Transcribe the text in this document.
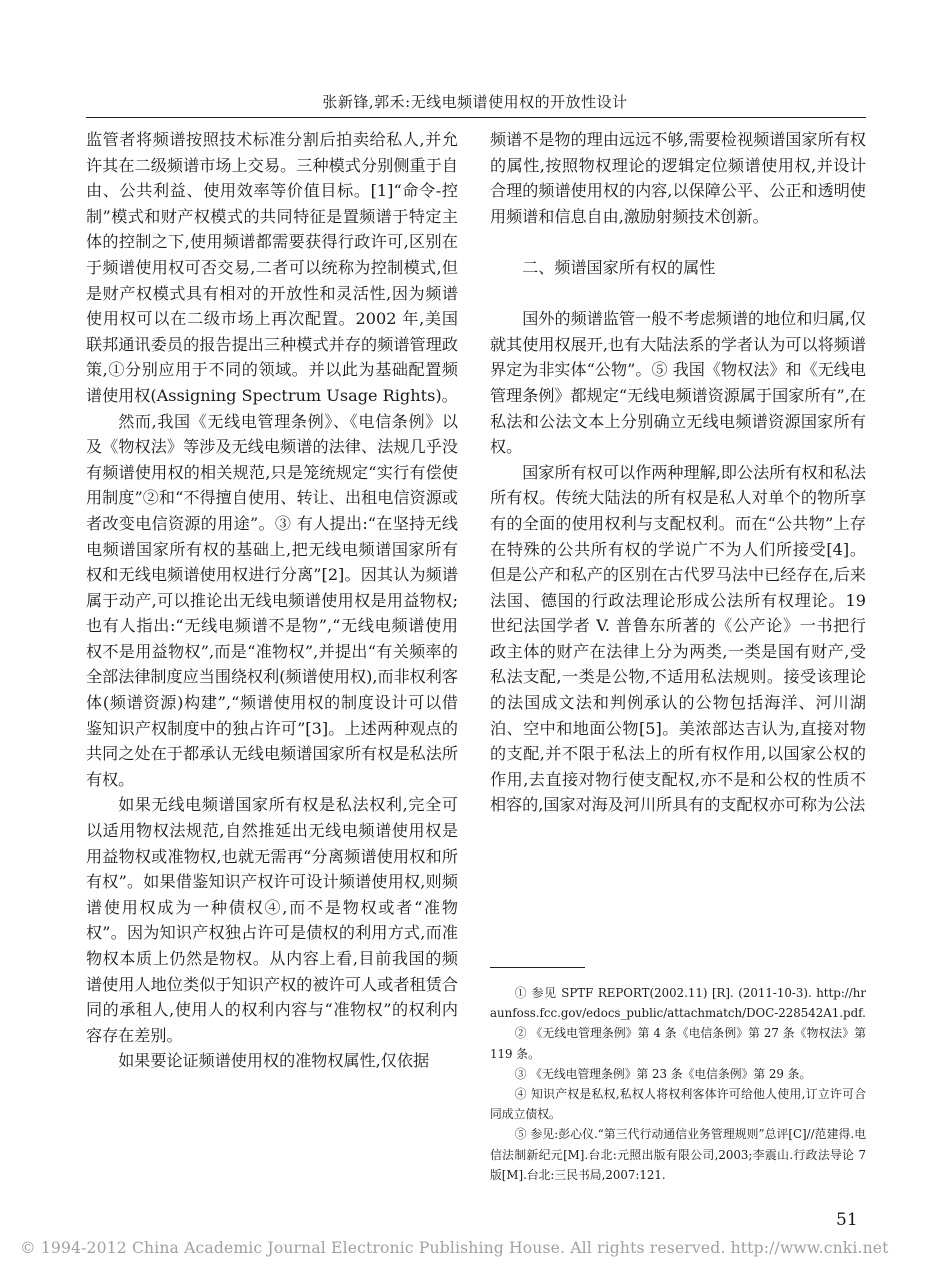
张新锋,郭禾:无线电频谱使用权的开放性设计

监管者将频谱按照技术标准分割后拍卖给私人,并允许其在二级频谱市场上交易。三种模式分别侧重于自由、公共利益、使用效率等价值目标。[1]“命令-控制”模式和财产权模式的共同特征是置频谱于特定主体的控制之下,使用频谱都需要获得行政许可,区别在于频谱使用权可否交易,二者可以统称为控制模式,但是财产权模式具有相对的开放性和灵活性,因为频谱使用权可以在二级市场上再次配置。2002 年,美国联邦通讯委员的报告提出三种模式并存的频谱管理政策,①分别应用于不同的领域。并以此为基础配置频谱使用权(Assigning Spectrum Usage Rights)。

然而,我国《无线电管理条例》、《电信条例》以及《物权法》等涉及无线电频谱的法律、法规几乎没有频谱使用权的相关规范,只是笼统规定“实行有偿使用制度”②和“不得擅自使用、转让、出租电信资源或者改变电信资源的用途”。③ 有人提出:“在坚持无线电频谱国家所有权的基础上,把无线电频谱国家所有权和无线电频谱使用权进行分离”[2]。因其认为频谱属于动产,可以推论出无线电频谱使用权是用益物权;也有人指出:“无线电频谱不是物”,“无线电频谱使用权不是用益物权”,而是“准物权”,并提出“有关频率的全部法律制度应当围绕权利(频谱使用权),而非权利客体(频谱资源)构建”,“频谱使用权的制度设计可以借鉴知识产权制度中的独占许可”[3]。上述两种观点的共同之处在于都承认无线电频谱国家所有权是私法所有权。

如果无线电频谱国家所有权是私法权利,完全可以适用物权法规范,自然推延出无线电频谱使用权是用益物权或准物权,也就无需再“分离频谱使用权和所有权”。如果借鉴知识产权许可设计频谱使用权,则频谱使用权成为一种债权④,而不是物权或者“准物权”。因为知识产权独占许可是债权的利用方式,而准物权本质上仍然是物权。从内容上看,目前我国的频谱使用人地位类似于知识产权的被许可人或者租赁合同的承租人,使用人的权利内容与“准物权”的权利内容存在差别。

如果要论证频谱使用权的准物权属性,仅依据

频谱不是物的理由远远不够,需要检视频谱国家所有权的属性,按照物权理论的逻辑定位频谱使用权,并设计合理的频谱使用权的内容,以保障公平、公正和透明使用频谱和信息自由,激励射频技术创新。

二、频谱国家所有权的属性

国外的频谱监管一般不考虑频谱的地位和归属,仅就其使用权展开,也有大陆法系的学者认为可以将频谱界定为非实体“公物”。⑤ 我国《物权法》和《无线电管理条例》都规定“无线电频谱资源属于国家所有”,在私法和公法文本上分别确立无线电频谱资源国家所有权。

国家所有权可以作两种理解,即公法所有权和私法所有权。传统大陆法的所有权是私人对单个的物所享有的全面的使用权利与支配权利。而在“公共物”上存在特殊的公共所有权的学说广不为人们所接受[4]。但是公产和私产的区别在古代罗马法中已经存在,后来法国、德国的行政法理论形成公法所有权理论。19 世纪法国学者 V. 普鲁东所著的《公产论》一书把行政主体的财产在法律上分为两类,一类是国有财产,受私法支配,一类是公物,不适用私法规则。接受该理论的法国成文法和判例承认的公物包括海洋、河川湖泊、空中和地面公物[5]。美浓部达吉认为,直接对物的支配,并不限于私法上的所有权作用,以国家公权的作用,去直接对物行使支配权,亦不是和公权的性质不相容的,国家对海及河川所具有的支配权亦可称为公法

① 参见 SPTF REPORT(2002.11) [R]. (2011-10-3). http://hraunfoss.fcc.gov/edocs_public/attachmatch/DOC-228542A1.pdf.

② 《无线电管理条例》第 4 条《电信条例》第 27 条《物权法》第 119 条。

③ 《无线电管理条例》第 23 条《电信条例》第 29 条。

④ 知识产权是私权,私权人将权利客体许可给他人使用,订立许可合同成立债权。

⑤ 参见:彭心仪.“第三代行动通信业务管理规则”总评[C]//范建得.电信法制新纪元[M].台北:元照出版有限公司,2003;李震山.行政法导论 7 版[M].台北:三民书局,2007:121.

51
© 1994-2012 China Academic Journal Electronic Publishing House. All rights reserved. http://www.cnki.net
